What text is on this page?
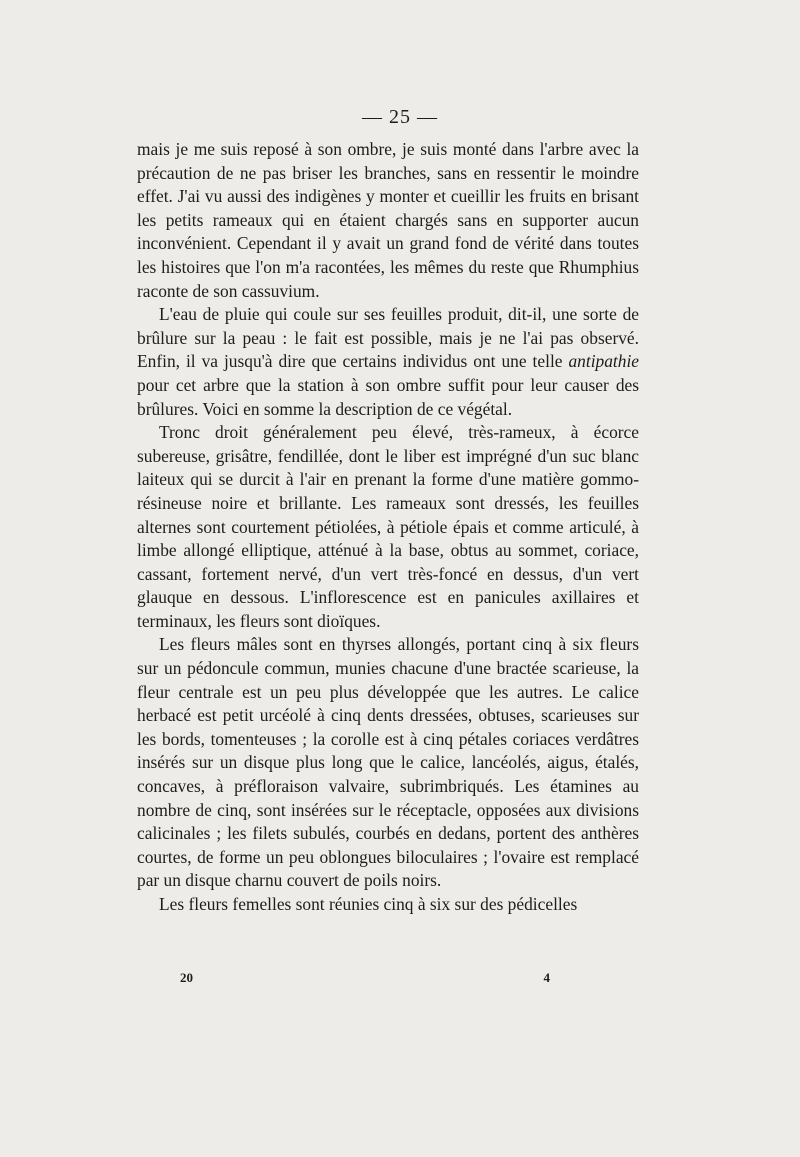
— 25 —

mais je me suis reposé à son ombre, je suis monté dans l'arbre avec la précaution de ne pas briser les branches, sans en ressentir le moindre effet. J'ai vu aussi des indigènes y monter et cueillir les fruits en brisant les petits rameaux qui en étaient chargés sans en supporter aucun inconvénient. Cependant il y avait un grand fond de vérité dans toutes les histoires que l'on m'a racontées, les mêmes du reste que Rhumphius raconte de son cassuvium.

L'eau de pluie qui coule sur ses feuilles produit, dit-il, une sorte de brûlure sur la peau : le fait est possible, mais je ne l'ai pas observé. Enfin, il va jusqu'à dire que certains individus ont une telle antipathie pour cet arbre que la station à son ombre suffit pour leur causer des brûlures. Voici en somme la description de ce végétal.

Tronc droit généralement peu élevé, très-rameux, à écorce subereuse, grisâtre, fendillée, dont le liber est imprégné d'un suc blanc laiteux qui se durcit à l'air en prenant la forme d'une matière gommo-résineuse noire et brillante. Les rameaux sont dressés, les feuilles alternes sont courtement pétiolées, à pétiole épais et comme articulé, à limbe allongé elliptique, atténué à la base, obtus au sommet, coriace, cassant, fortement nervé, d'un vert très-foncé en dessus, d'un vert glauque en dessous. L'inflorescence est en panicules axillaires et terminaux, les fleurs sont dioïques.

Les fleurs mâles sont en thyrses allongés, portant cinq à six fleurs sur un pédoncule commun, munies chacune d'une bractée scarieuse, la fleur centrale est un peu plus développée que les autres. Le calice herbacé est petit urcéolé à cinq dents dressées, obtuses, scarieuses sur les bords, tomenteuses ; la corolle est à cinq pétales coriaces verdâtres insérés sur un disque plus long que le calice, lancéolés, aigus, étalés, concaves, à préfloraison valvaire, subrimbriqués. Les étamines au nombre de cinq, sont insérées sur le réceptacle, opposées aux divisions calicinales ; les filets subulés, courbés en dedans, portent des anthères courtes, de forme un peu oblongues biloculaires ; l'ovaire est remplacé par un disque charnu couvert de poils noirs.

Les fleurs femelles sont réunies cinq à six sur des pédicelles

20	4
